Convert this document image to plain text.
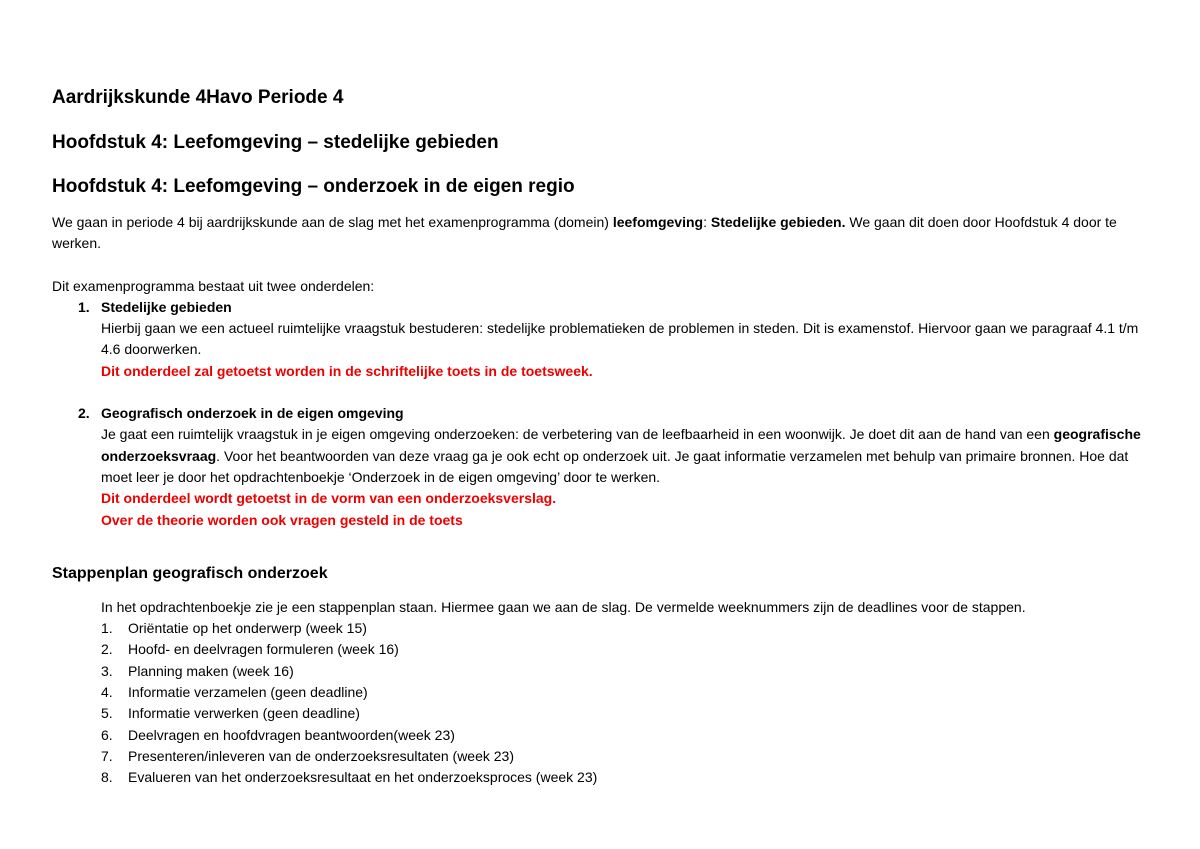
Aardrijkskunde 4Havo Periode 4
Hoofdstuk 4: Leefomgeving – stedelijke gebieden
Hoofdstuk 4: Leefomgeving – onderzoek in de eigen regio
We gaan in periode 4 bij aardrijkskunde aan de slag met het examenprogramma (domein) leefomgeving: Stedelijke gebieden. We gaan dit doen door Hoofdstuk 4 door te werken.
Dit examenprogramma bestaat uit twee onderdelen:
1. Stedelijke gebieden
Hierbij gaan we een actueel ruimtelijke vraagstuk bestuderen: stedelijke problematieken de problemen in steden. Dit is examenstof. Hiervoor gaan we paragraaf 4.1 t/m 4.6 doorwerken.
Dit onderdeel zal getoetst worden in de schriftelijke toets in de toetsweek.
2. Geografisch onderzoek in de eigen omgeving
Je gaat een ruimtelijk vraagstuk in je eigen omgeving onderzoeken: de verbetering van de leefbaarheid in een woonwijk. Je doet dit aan de hand van een geografische onderzoeksvraag. Voor het beantwoorden van deze vraag ga je ook echt op onderzoek uit. Je gaat informatie verzamelen met behulp van primaire bronnen. Hoe dat moet leer je door het opdrachtenboekje ‘Onderzoek in de eigen omgeving’ door te werken.
Dit onderdeel wordt getoetst in de vorm van een onderzoeksverslag.
Over de theorie worden ook vragen gesteld in de toets
Stappenplan geografisch onderzoek
In het opdrachtenboekje zie je een stappenplan staan. Hiermee gaan we aan de slag. De vermelde weeknummers zijn de deadlines voor de stappen.
1. Oriëntatie op het onderwerp (week 15)
2. Hoofd- en deelvragen formuleren (week 16)
3. Planning maken (week 16)
4. Informatie verzamelen (geen deadline)
5. Informatie verwerken (geen deadline)
6. Deelvragen en hoofdvragen beantwoorden(week 23)
7. Presenteren/inleveren van de onderzoeksresultaten (week 23)
8. Evalueren van het onderzoeksresultaat en het onderzoeksproces (week 23)
